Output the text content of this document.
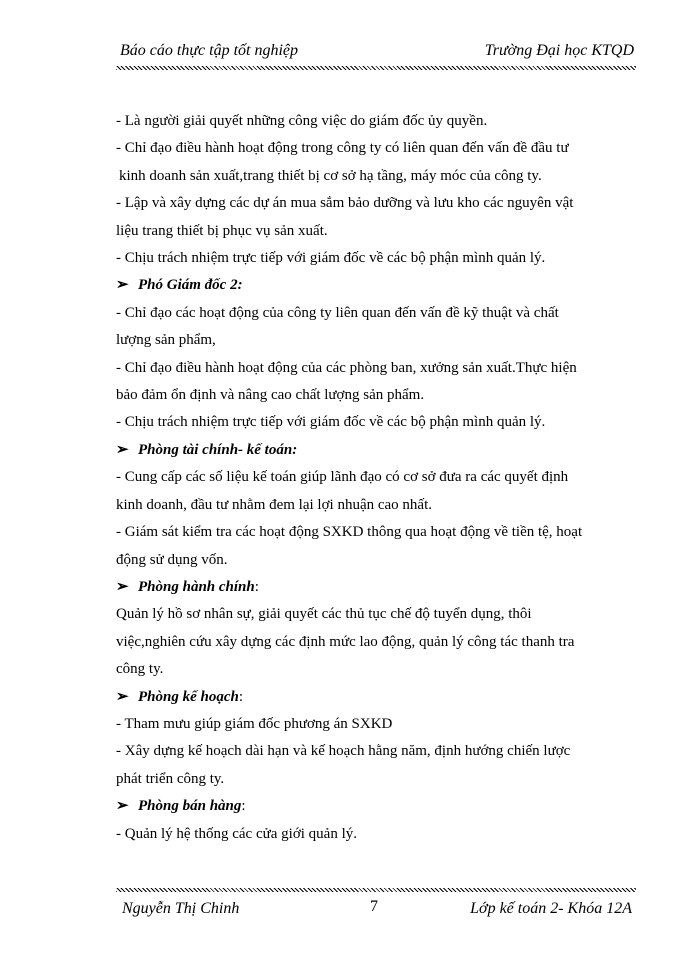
Báo cáo thực tập tốt nghiệp	Trường Đại học KTQD

- Là người giải quyết những công việc do giám đốc ủy quyền.

- Chỉ đạo điều hành hoạt động trong công ty có liên quan đến vấn đề đầu tư

kinh doanh sản xuất,trang thiết bị cơ sở hạ tầng, máy móc của công ty.

- Lập và xây dựng các dự án mua sắm bảo dưỡng và lưu kho các nguyên vật

liệu trang thiết bị phục vụ sản xuất.

- Chịu trách nhiệm trực tiếp với giám đốc về các bộ phận mình quản lý.

➢ Phó Giám đốc 2:

- Chỉ đạo các hoạt động của công ty liên quan đến vấn đề kỹ thuật và chất

lượng sản phẩm,

- Chỉ đạo điều hành hoạt động của các phòng ban, xưởng sản xuất.Thực hiện

bảo đảm ổn định và nâng cao chất lượng sản phẩm.

- Chịu trách nhiệm trực tiếp với giám đốc về các bộ phận mình quản lý.

➢ Phòng tài chính- kế toán:

- Cung cấp các số liệu kế toán giúp lãnh đạo có cơ sở đưa ra các quyết định

kinh doanh, đầu tư nhằm đem lại lợi nhuận cao nhất.

- Giám sát kiểm tra các hoạt động SXKD thông qua hoạt động về tiền tệ, hoạt

động sử dụng vốn.

➢ Phòng hành chính:

Quản lý hồ sơ nhân sự, giải quyết các thủ tục chế độ tuyển dụng, thôi

việc,nghiên cứu xây dựng các định mức lao động, quản lý công tác thanh tra

công ty.

➢ Phòng kế hoạch:

- Tham mưu giúp giám đốc phương án SXKD

- Xây dựng kế hoạch dài hạn và kế hoạch hằng năm, định hướng chiến lược

phát triển công ty.

➢ Phòng bán hàng:

- Quản lý hệ thống các cửa giới quản lý.

Nguyễn Thị Chinh	7	Lớp kế toán 2- Khóa 12A
